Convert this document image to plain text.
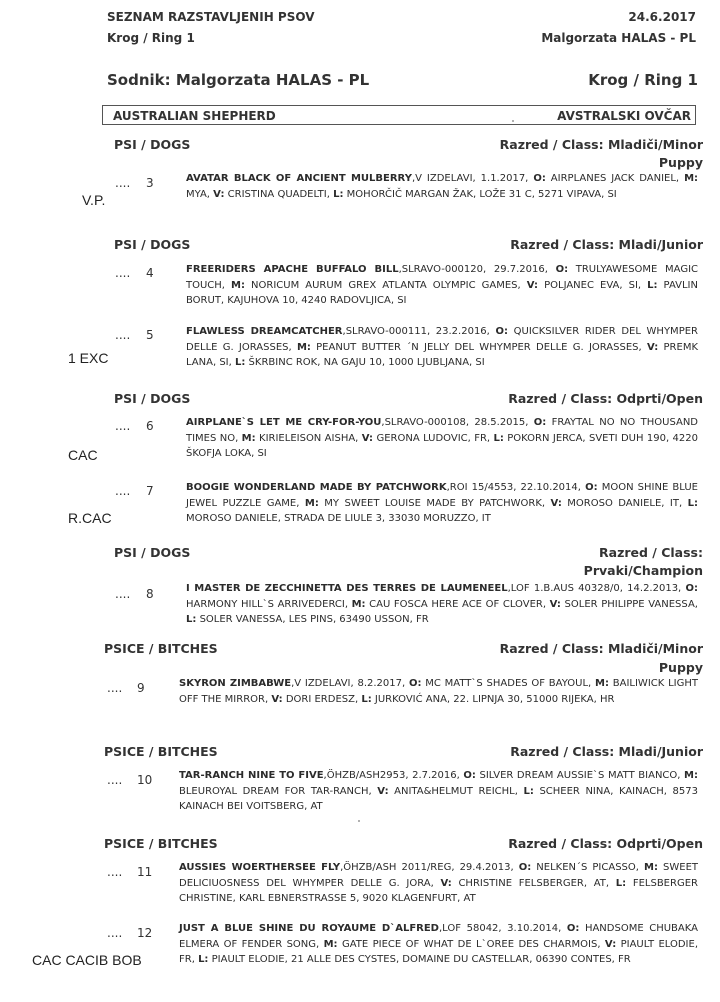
SEZNAM RAZSTAVLJENIH PSOV	24.6.2017
Krog / Ring 1	Malgorzata HALAS - PL
Sodnik: Malgorzata HALAS - PL	Krog / Ring 1
AUSTRALIAN SHEPHERD	AVSTRALSKI OVČAR
PSI / DOGS	Razred / Class: Mladiči/Minor
Puppy
V.P.
.... 3	AVATAR BLACK OF ANCIENT MULBERRY,V IZDELAVI, 1.1.2017, O: AIRPLANES JACK DANIEL, M: MYA, V: CRISTINA QUADELTI, L: MOHORČIČ MARGAN ŽAK, LOŽE 31 C, 5271 VIPAVA, SI
PSI / DOGS	Razred / Class: Mladi/Junior
.... 4	FREERIDERS APACHE BUFFALO BILL,SLRAVO-000120, 29.7.2016, O: TRULYAWESOME MAGIC TOUCH, M: NORICUM AURUM GREX ATLANTA OLYMPIC GAMES, V: POLJANEC EVA, SI, L: PAVLIN BORUT, KAJUHOVA 10, 4240 RADOVLJICA, SI
1 EXC
.... 5	FLAWLESS DREAMCATCHER,SLRAVO-000111, 23.2.2016, O: QUICKSILVER RIDER DEL WHYMPER DELLE G. JORASSES, M: PEANUT BUTTER ´N JELLY DEL WHYMPER DELLE G. JORASSES, V: PREMK LANA, SI, L: ŠKRBINC ROK, NA GAJU 10, 1000 LJUBLJANA, SI
PSI / DOGS	Razred / Class: Odprti/Open
CAC
.... 6	AIRPLANE`S LET ME CRY-FOR-YOU,SLRAVO-000108, 28.5.2015, O: FRAYTAL NO NO THOUSAND TIMES NO, M: KIRIELEISON AISHA, V: GERONA LUDOVIC, FR, L: POKORN JERCA, SVETI DUH 190, 4220 ŠKOFJA LOKA, SI
R.CAC
.... 7	BOOGIE WONDERLAND MADE BY PATCHWORK,ROI 15/4553, 22.10.2014, O: MOON SHINE BLUE JEWEL PUZZLE GAME, M: MY SWEET LOUISE MADE BY PATCHWORK, V: MOROSO DANIELE, IT, L: MOROSO DANIELE, STRADA DE LIULE 3, 33030 MORUZZO, IT
PSI / DOGS	Razred / Class:
Prvaki/Champion
.... 8	I MASTER DE ZECCHINETTA DES TERRES DE LAUMENEEL,LOF 1.B.AUS 40328/0, 14.2.2013, O: HARMONY HILL`S ARRIVEDERCI, M: CAU FOSCA HERE ACE OF CLOVER, V: SOLER PHILIPPE VANESSA, L: SOLER VANESSA, LES PINS, 63490 USSON, FR
PSICE / BITCHES	Razred / Class: Mladiči/Minor
Puppy
.... 9	SKYRON ZIMBABWE,V IZDELAVI, 8.2.2017, O: MC MATT`S SHADES OF BAYOUL, M: BAILIWICK LIGHT OFF THE MIRROR, V: DORI ERDESZ, L: JURKOVIĆ ANA, 22. LIPNJA 30, 51000 RIJEKA, HR
PSICE / BITCHES	Razred / Class: Mladi/Junior
.... 10	TAR-RANCH NINE TO FIVE,ÖHZB/ASH2953, 2.7.2016, O: SILVER DREAM AUSSIE`S MATT BIANCO, M: BLEUROYAL DREAM FOR TAR-RANCH, V: ANITA&HELMUT REICHL, L: SCHEER NINA, KAINACH, 8573 KAINACH BEI VOITSBERG, AT
PSICE / BITCHES	Razred / Class: Odprti/Open
.... 11	AUSSIES WOERTHERSEE FLY,ÖHZB/ASH 2011/REG, 29.4.2013, O: NELKEN´S PICASSO, M: SWEET DELICIUOSNESS DEL WHYMPER DELLE G. JORA, V: CHRISTINE FELSBERGER, AT, L: FELSBERGER CHRISTINE, KARL EBNERSTRASSE 5, 9020 KLAGENFURT, AT
CAC CACIB BOB
.... 12	JUST A BLUE SHINE DU ROYAUME D`ALFRED,LOF 58042, 3.10.2014, O: HANDSOME CHUBAKA ELMERA OF FENDER SONG, M: GATE PIECE OF WHAT DE L`OREE DES CHARMOIS, V: PIAULT ELODIE, FR, L: PIAULT ELODIE, 21 ALLE DES CYSTES, DOMAINE DU CASTELLAR, 06390 CONTES, FR
